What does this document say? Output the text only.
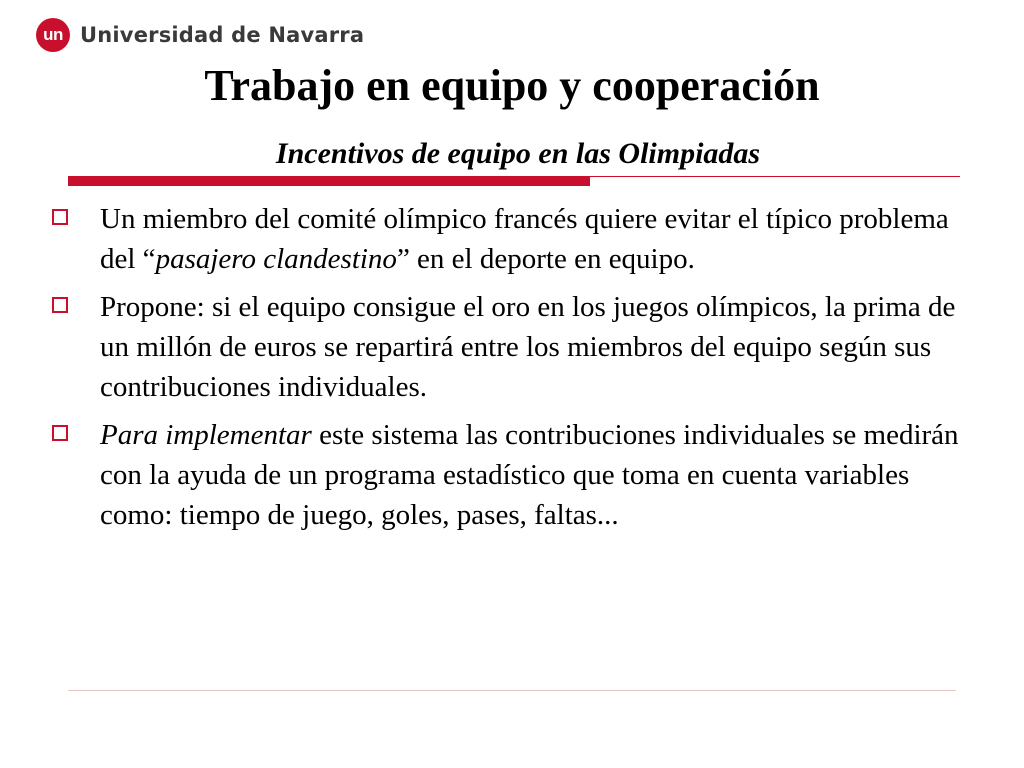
un Universidad de Navarra
Trabajo en equipo y cooperación
Incentivos de equipo en las Olimpiadas
Un miembro del comité olímpico francés quiere evitar el típico problema del “pasajero clandestino” en el deporte en equipo.
Propone: si el equipo consigue el oro en los juegos olímpicos, la prima de un millón de euros se repartirá entre los miembros del equipo según sus contribuciones individuales.
Para implementar este sistema las contribuciones individuales se medirán con la ayuda de un programa estadístico que toma en cuenta variables como: tiempo de juego, goles, pases, faltas...
